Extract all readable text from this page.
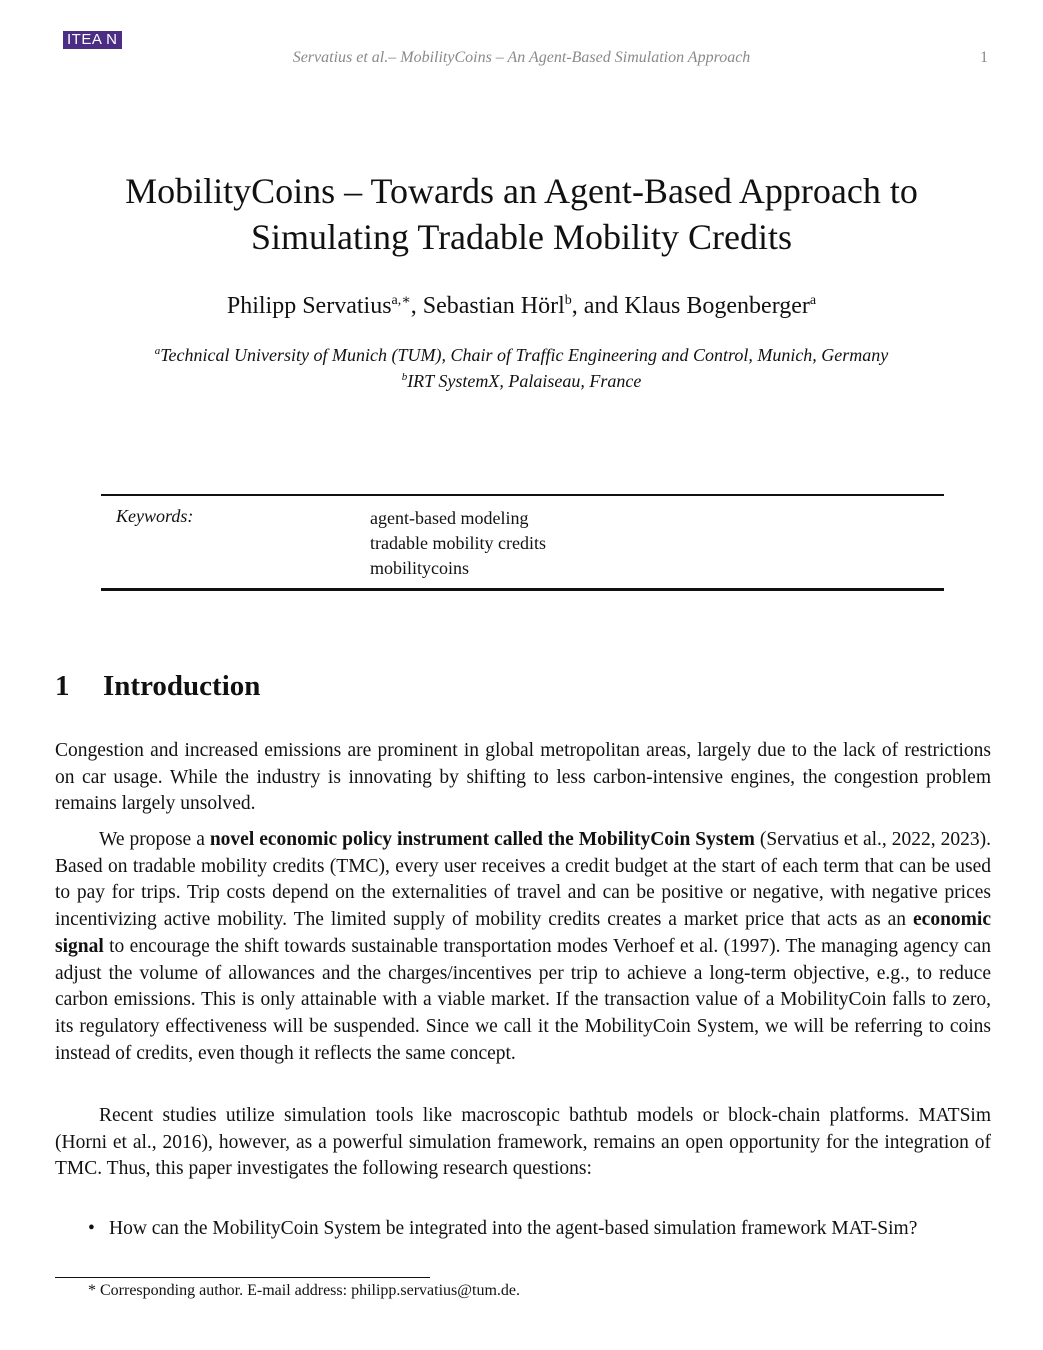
ITEA N
Servatius et al.– MobilityCoins – An Agent-Based Simulation Approach	1
MobilityCoins – Towards an Agent-Based Approach to
Simulating Tradable Mobility Credits
Philipp Servatius$^{a,∗}$, Sebastian Hörl$^b$, and Klaus Bogenberger$^a$
$^a$Technical University of Munich (TUM), Chair of Traffic Engineering and Control, Munich, Germany
$^b$IRT SystemX, Palaiseau, France
Keywords:	agent-based modeling
tradable mobility credits
mobilitycoins
1 Introduction

Congestion and increased emissions are prominent in global metropolitan areas, largely due to the lack of restrictions on car usage. While the industry is innovating by shifting to less carbon-intensive engines, the congestion problem remains largely unsolved.

We propose a novel economic policy instrument called the MobilityCoin System (Servatius et al., 2022, 2023). Based on tradable mobility credits (TMC), every user receives a credit budget at the start of each term that can be used to pay for trips. Trip costs depend on the externalities of travel and can be positive or negative, with negative prices incentivizing active mobility. The limited supply of mobility credits creates a market price that acts as an economic signal to encourage the shift towards sustainable transportation modes Verhoef et al. (1997). The managing agency can adjust the volume of allowances and the charges/incentives per trip to achieve a long-term objective, e.g., to reduce carbon emissions. This is only attainable with a viable market. If the transaction value of a MobilityCoin falls to zero, its regulatory effectiveness will be suspended. Since we call it the MobilityCoin System, we will be referring to coins instead of credits, even though it reflects the same concept.

Recent studies utilize simulation tools like macroscopic bathtub models or block-chain platforms. MATSim (Horni et al., 2016), however, as a powerful simulation framework, remains an open opportunity for the integration of TMC. Thus, this paper investigates the following research questions:

• How can the MobilityCoin System be integrated into the agent-based simulation framework MAT-Sim?
* Corresponding author. E-mail address: philipp.servatius@tum.de.
